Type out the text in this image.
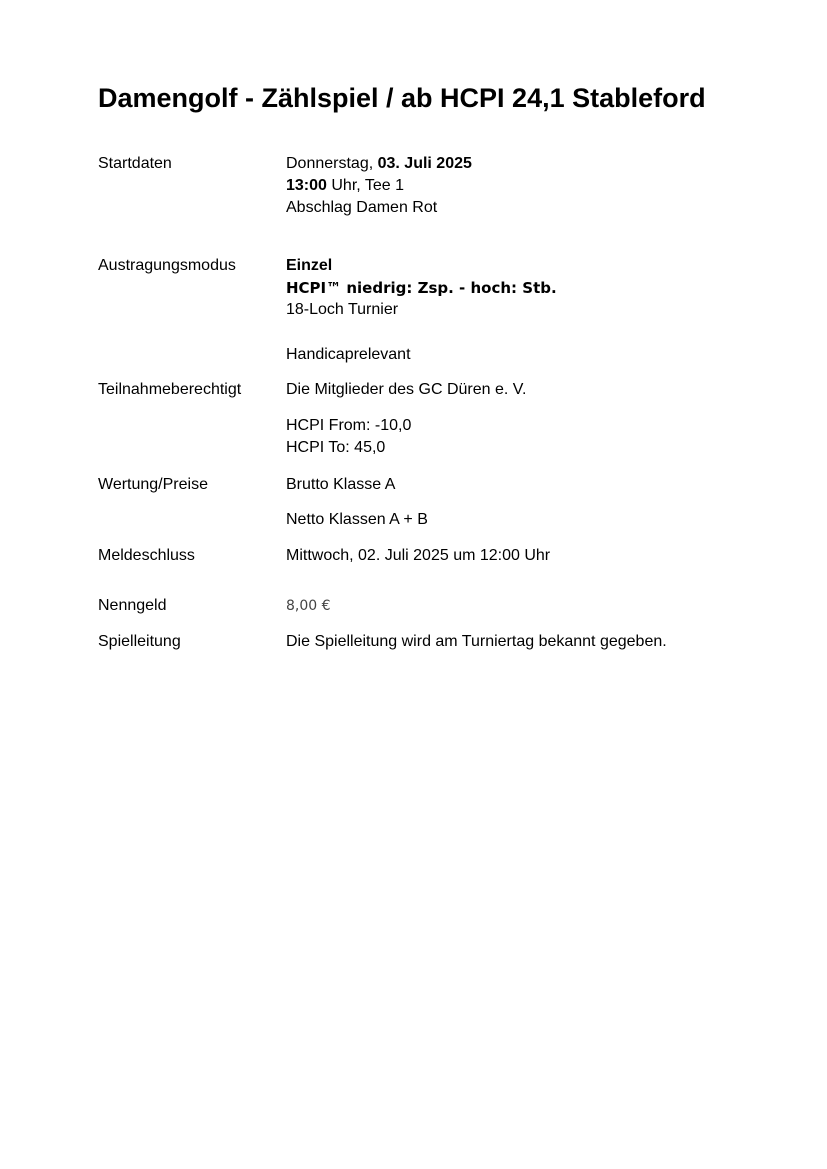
Damengolf - Zählspiel / ab HCPI 24,1 Stableford
Startdaten	Donnerstag, 03. Juli 2025
13:00 Uhr, Tee 1
Abschlag Damen Rot
Austragungsmodus	Einzel
HCPI™ niedrig: Zsp. - hoch: Stb.
18-Loch Turnier
Handicaprelevant
Teilnahmeberechtigt	Die Mitglieder des GC Düren e. V.
HCPI From: -10,0
HCPI To: 45,0
Wertung/Preise	Brutto Klasse A
Netto Klassen A + B
Meldeschluss	Mittwoch, 02. Juli 2025 um 12:00 Uhr
Nenngeld	8,00 €
Spielleitung	Die Spielleitung wird am Turniertag bekannt gegeben.
